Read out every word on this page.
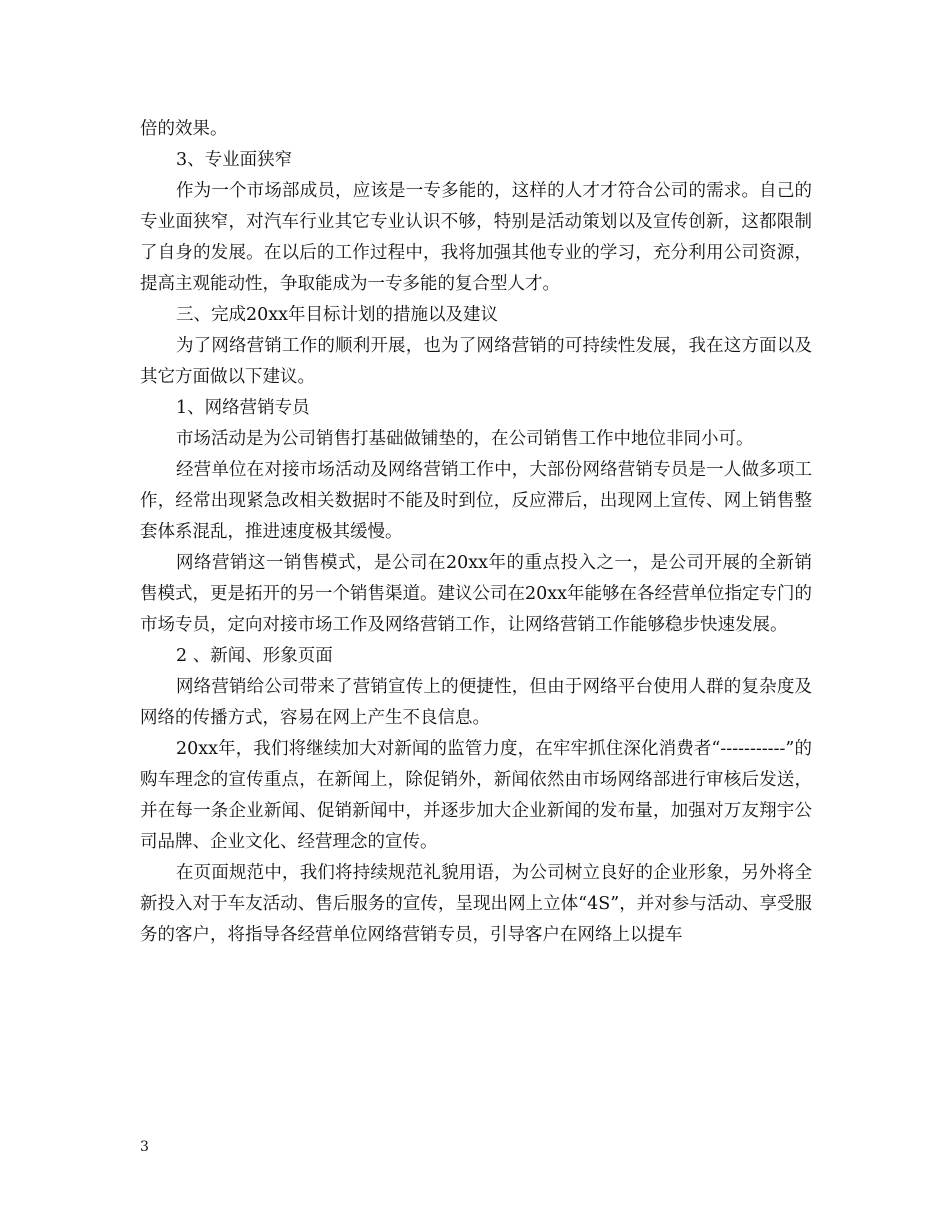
倍的效果。

3、专业面狭窄

作为一个市场部成员，应该是一专多能的，这样的人才才符合公司的需求。自己的专业面狭窄，对汽车行业其它专业认识不够，特别是活动策划以及宣传创新，这都限制了自身的发展。在以后的工作过程中，我将加强其他专业的学习，充分利用公司资源，提高主观能动性，争取能成为一专多能的复合型人才。

三、完成20xx年目标计划的措施以及建议

为了网络营销工作的顺利开展，也为了网络营销的可持续性发展，我在这方面以及其它方面做以下建议。

1、网络营销专员

市场活动是为公司销售打基础做铺垫的，在公司销售工作中地位非同小可。

经营单位在对接市场活动及网络营销工作中，大部份网络营销专员是一人做多项工作，经常出现紧急改相关数据时不能及时到位，反应滞后，出现网上宣传、网上销售整套体系混乱，推进速度极其缓慢。

网络营销这一销售模式，是公司在20xx年的重点投入之一，是公司开展的全新销售模式，更是拓开的另一个销售渠道。建议公司在20xx年能够在各经营单位指定专门的市场专员，定向对接市场工作及网络营销工作，让网络营销工作能够稳步快速发展。

2 、新闻、形象页面

网络营销给公司带来了营销宣传上的便捷性，但由于网络平台使用人群的复杂度及网络的传播方式，容易在网上产生不良信息。

20xx年，我们将继续加大对新闻的监管力度，在牢牢抓住深化消费者“-----------”的购车理念的宣传重点，在新闻上，除促销外，新闻依然由市场网络部进行审核后发送，并在每一条企业新闻、促销新闻中，并逐步加大企业新闻的发布量，加强对万友翔宇公司品牌、企业文化、经营理念的宣传。

在页面规范中，我们将持续规范礼貌用语，为公司树立良好的企业形象，另外将全新投入对于车友活动、售后服务的宣传，呈现出网上立体“4S”，并对参与活动、享受服务的客户，将指导各经营单位网络营销专员，引导客户在网络上以提车

3
